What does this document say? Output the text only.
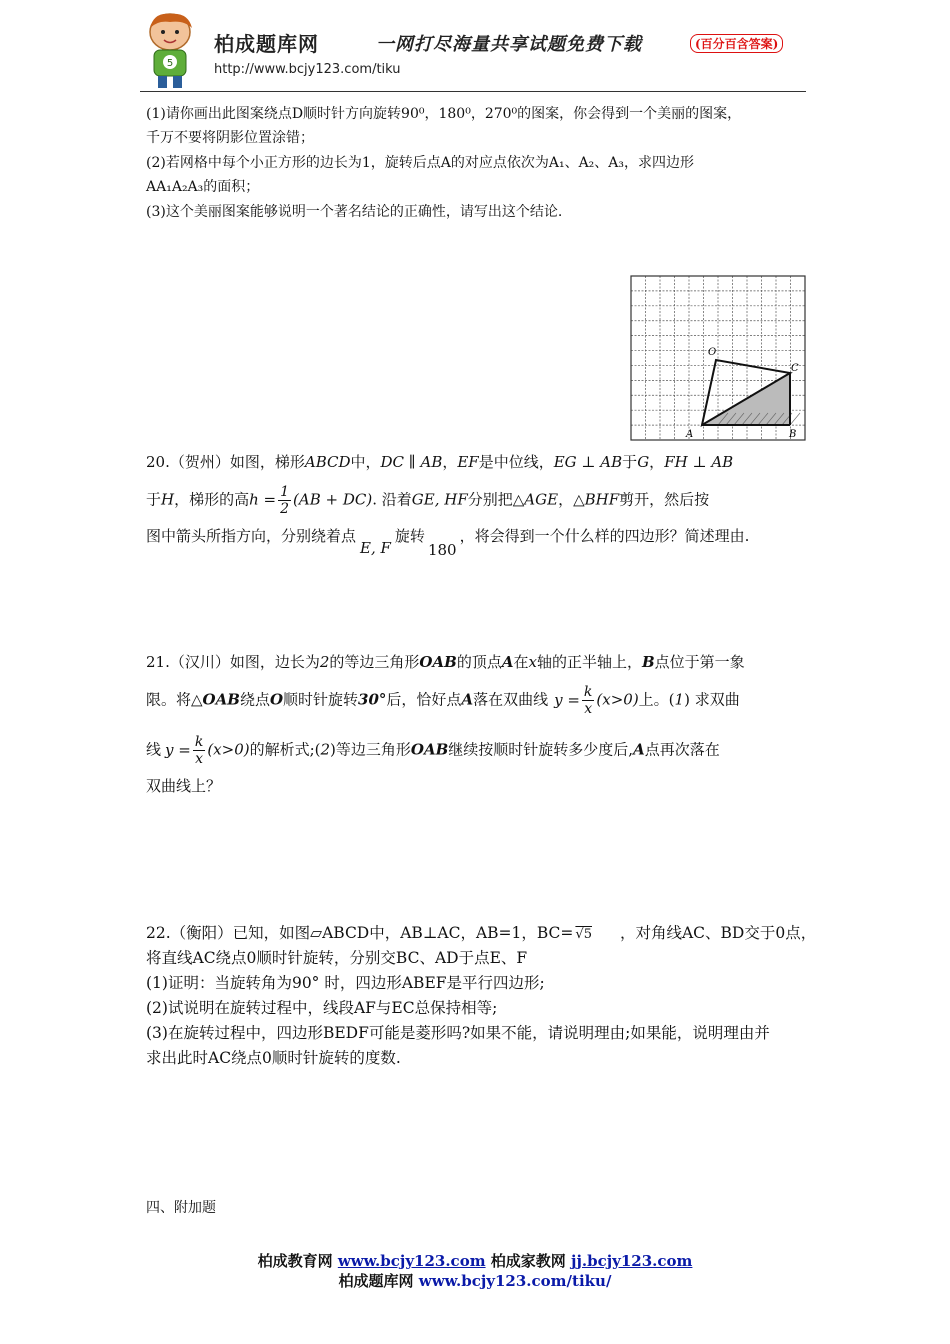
5
柏成题库网	一网打尽海量共享试题免费下载	(百分百含答案)
http://www.bcjy123.com/tiku
(1)请你画出此图案绕点D顺时针方向旋转90⁰，180⁰，270⁰的图案，你会得到一个美丽的图案，
千万不要将阴影位置涂错；
(2)若网格中每个小正方形的边长为1，旋转后点A的对应点依次为A₁、A₂、A₃，求四边形
AA₁A₂A₃的面积；
(3)这个美丽图案能够说明一个著名结论的正确性，请写出这个结论.
O
C
A	B
20.（贺州）如图，梯形ABCD中，DC ∥ AB，EF是中位线，EG ⊥ AB于G，FH ⊥ AB
于H，梯形的高$h = \frac{1}{2} (AB + DC)$. 沿着GE, HF分别把△AGE，△BHF剪开，然后按
图中箭头所指方向，分别绕着点E, F旋转180，将会得到一个什么样的四边形？简述理由.
21.（汉川）如图，边长为2的等边三角形OAB的顶点A在x轴的正半轴上，B点位于第一象
限。将△OAB绕点O顺时针旋转30°后，恰好点A落在双曲线 $y = \frac{k}{x} (x>0)$上。(1) 求双曲
线 $y = \frac{k}{x} (x>0)$的解析式;(2)等边三角形OAB继续按顺时针旋转多少度后,A点再次落在
双曲线上？
22.（衡阳）已知，如图▱ABCD中，AB⊥AC，AB=1，BC= √5 ，对角线AC、BD交于0点，
将直线AC绕点0顺时针旋转，分别交BC、AD于点E、F
(1)证明：当旋转角为90° 时，四边形ABEF是平行四边形;
(2)试说明在旋转过程中，线段AF与EC总保持相等;
(3)在旋转过程中，四边形BEDF可能是菱形吗?如果不能，请说明理由;如果能，说明理由并
求出此时AC绕点0顺时针旋转的度数.
四、附加题
柏成教育网 www.bcjy123.com 柏成家教网 jj.bcjy123.com
柏成题库网 www.bcjy123.com/tiku/
